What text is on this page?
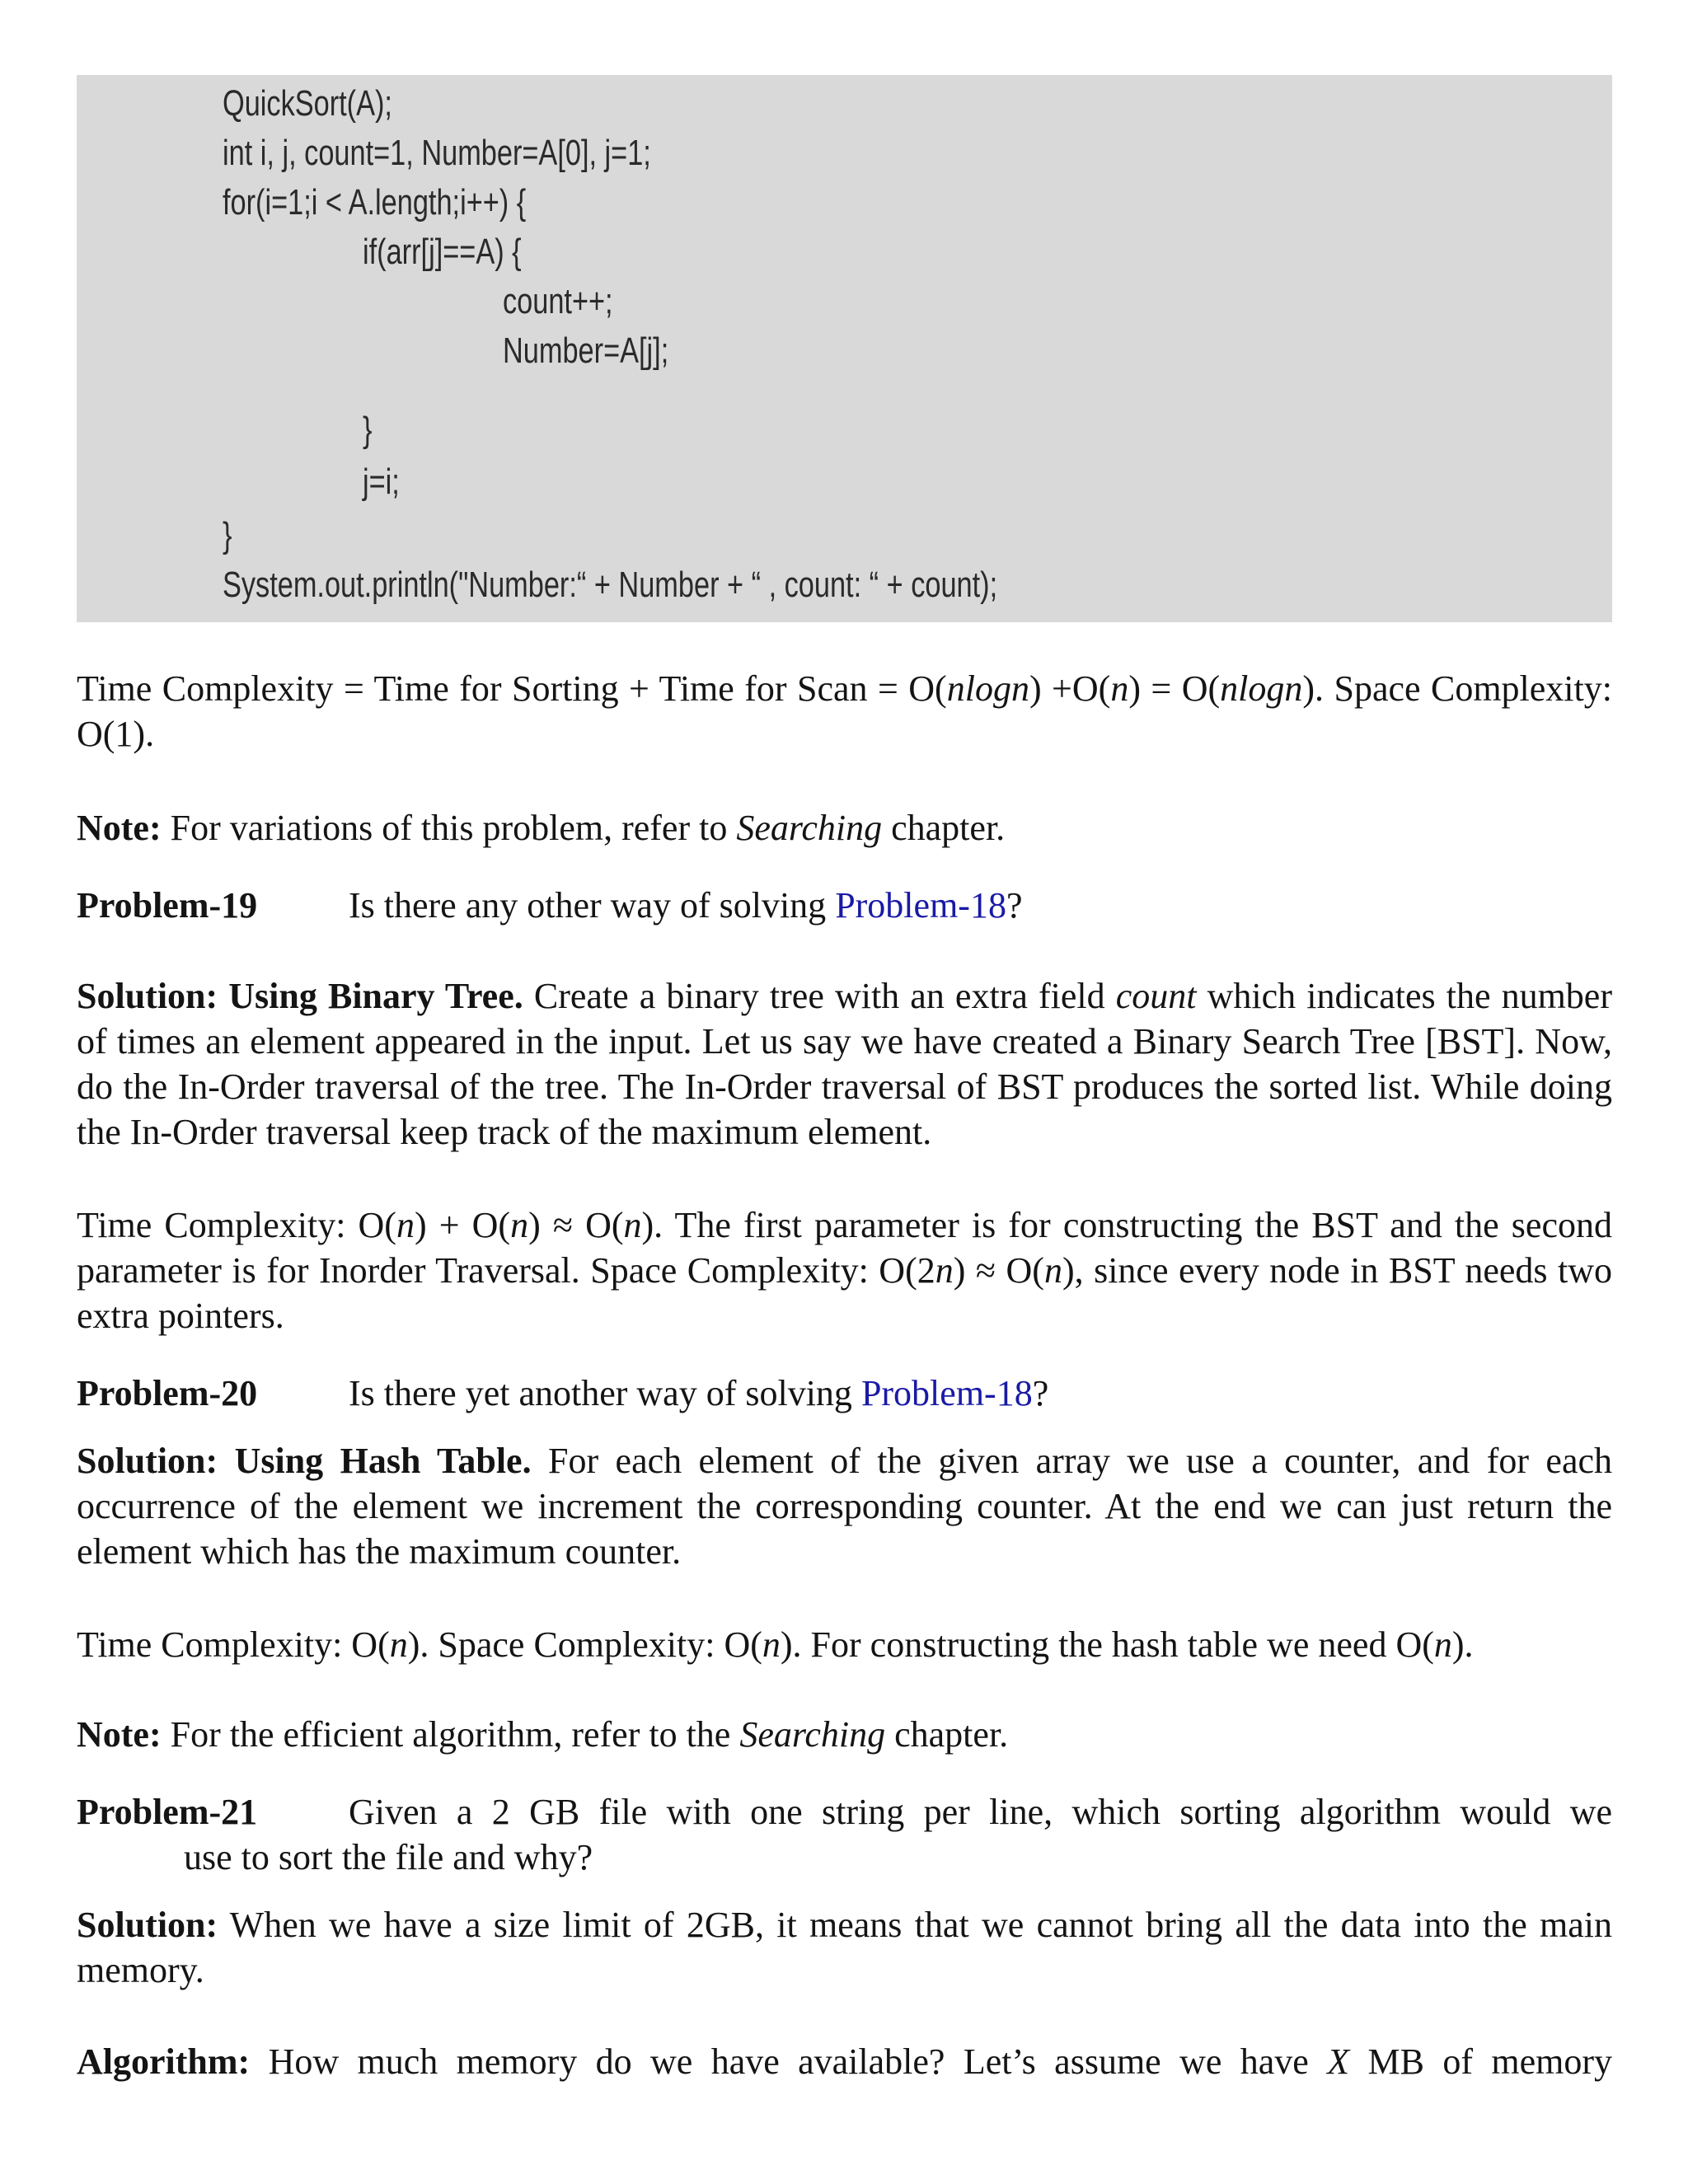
QuickSort(A);
int i, j, count=1, Number=A[0], j=1;
for(i=1;i < A.length;i++) {
if(arr[j]==A) {
count++;
Number=A[j];
}
j=i;
}
System.out.println("Number:“ + Number + “ , count: “ + count);
Time Complexity = Time for Sorting + Time for Scan = O(nlogn) +O(n) = O(nlogn). Space Complexity: O(1).
Note: For variations of this problem, refer to Searching chapter.
Problem-19	Is there any other way of solving Problem-18?
Solution: Using Binary Tree. Create a binary tree with an extra field count which indicates the number of times an element appeared in the input. Let us say we have created a Binary Search Tree [BST]. Now, do the In-Order traversal of the tree. The In-Order traversal of BST produces the sorted list. While doing the In-Order traversal keep track of the maximum element.
Time Complexity: O(n) + O(n) ≈ O(n). The first parameter is for constructing the BST and the second parameter is for Inorder Traversal. Space Complexity: O(2n) ≈ O(n), since every node in BST needs two extra pointers.
Problem-20	Is there yet another way of solving Problem-18?
Solution: Using Hash Table. For each element of the given array we use a counter, and for each occurrence of the element we increment the corresponding counter. At the end we can just return the element which has the maximum counter.
Time Complexity: O(n). Space Complexity: O(n). For constructing the hash table we need O(n).
Note: For the efficient algorithm, refer to the Searching chapter.
Problem-21	Given a 2 GB file with one string per line, which sorting algorithm would we
use to sort the file and why?
Solution: When we have a size limit of 2GB, it means that we cannot bring all the data into the main memory.
Algorithm: How much memory do we have available? Let’s assume we have X MB of memory
